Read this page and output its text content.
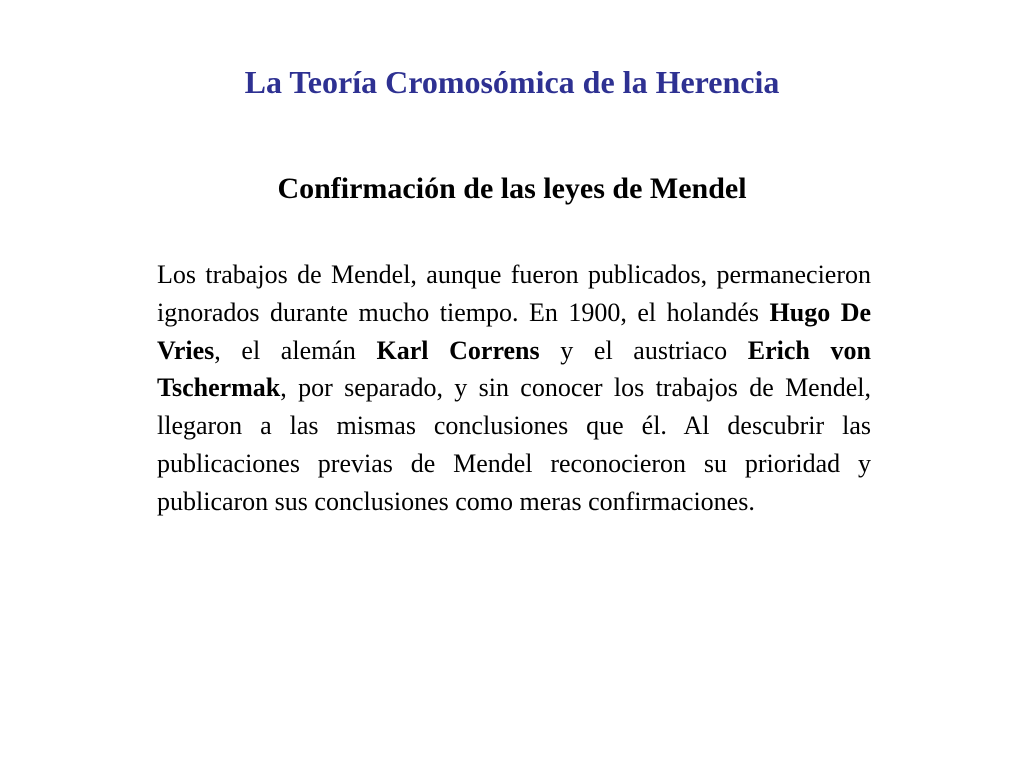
La Teoría Cromosómica de la Herencia
Confirmación de las leyes de Mendel

Los trabajos de Mendel, aunque fueron publicados, permanecieron ignorados durante mucho tiempo. En 1900, el holandés Hugo De Vries, el alemán Karl Correns y el austriaco Erich von Tschermak, por separado, y sin conocer los trabajos de Mendel, llegaron a las mismas conclusiones que él. Al descubrir las publicaciones previas de Mendel reconocieron su prioridad y publicaron sus conclusiones como meras confirmaciones.
